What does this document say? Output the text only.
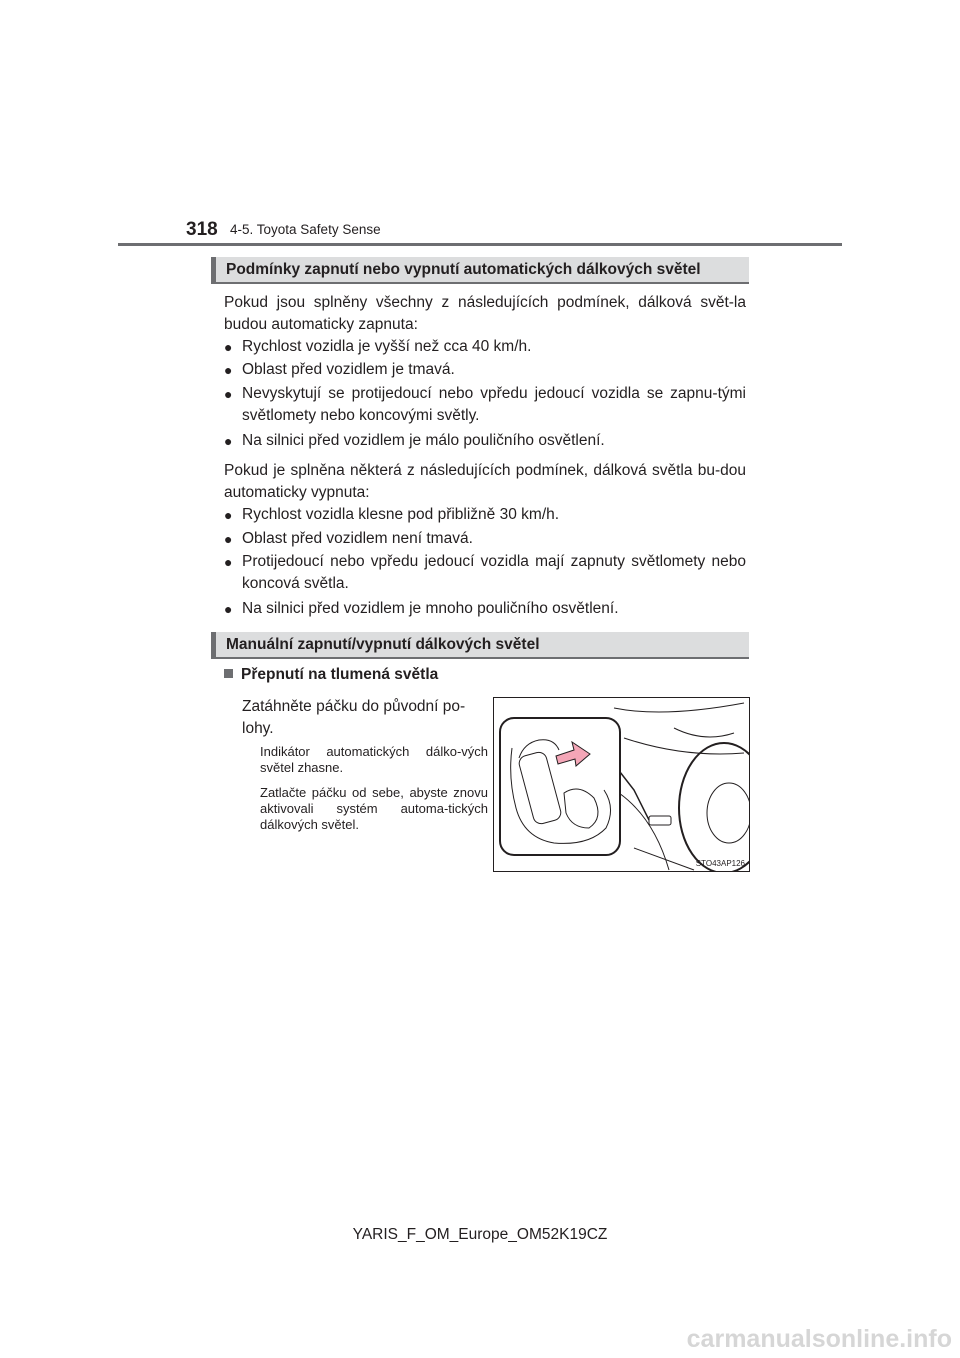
318 4-5. Toyota Safety Sense
Podmínky zapnutí nebo vypnutí automatických dálkových světel

Pokud jsou splněny všechny z následujících podmínek, dálková svět-la budou automaticky zapnuta:

● Rychlost vozidla je vyšší než cca 40 km/h.
● Oblast před vozidlem je tmavá.
● Nevyskytují se protijedoucí nebo vpředu jedoucí vozidla se zapnu-tými světlomety nebo koncovými světly.
● Na silnici před vozidlem je málo pouličního osvětlení.

Pokud je splněna některá z následujících podmínek, dálková světla bu-dou automaticky vypnuta:

● Rychlost vozidla klesne pod přibližně 30 km/h.
● Oblast před vozidlem není tmavá.
● Protijedoucí nebo vpředu jedoucí vozidla mají zapnuty světlomety nebo koncová světla.
● Na silnici před vozidlem je mnoho pouličního osvětlení.
Manuální zapnutí/vypnutí dálkových světel
Přepnutí na tlumená světla
Zatáhněte páčku do původní po-lohy.
Indikátor automatických dálko-vých světel zhasne.
Zatlačte páčku od sebe, abyste znovu aktivovali systém automa-tických dálkových světel.
STO43AP126
YARIS_F_OM_Europe_OM52K19CZ
carmanualsonline.info
